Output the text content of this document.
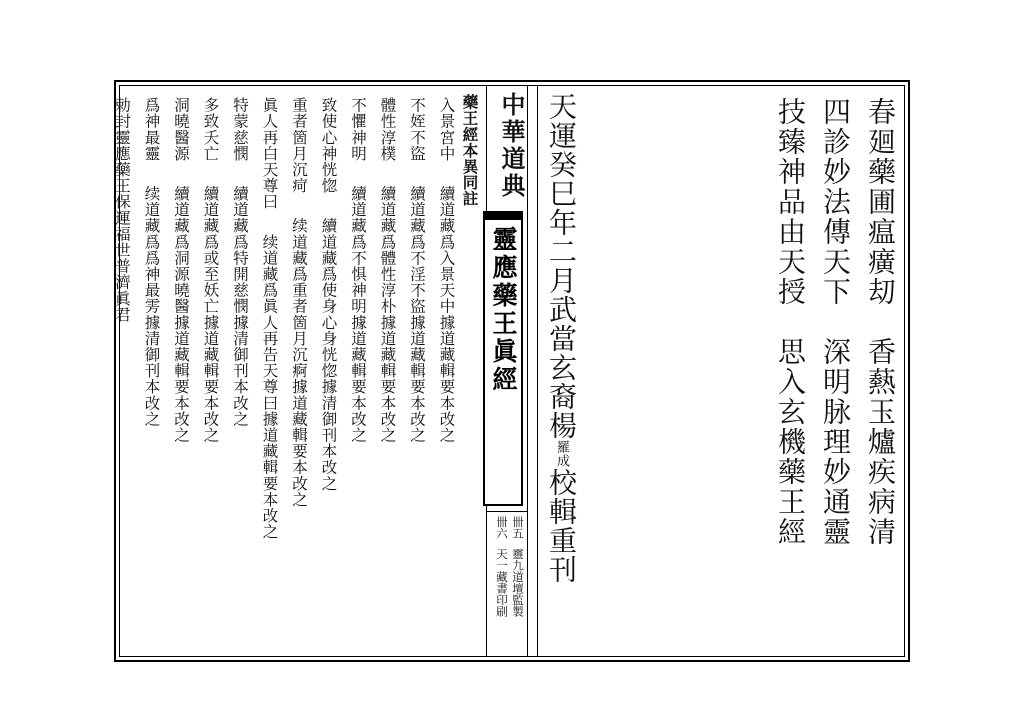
春廻藥圃瘟癀刧　香爇玉爐疾病清
四診妙法傳天下　深明脉理妙通靈
技臻神品由天授　思入玄機藥王經
天運癸巳年二月武當玄裔楊羅成校輯重刊
中華道典
靈應藥王眞經
卌五
卌六
靈九道壇監製
天一藏書印刷
藥王經本異同註
入景宮中續道藏爲入景天中據道藏輯要本改之
不姪不盜續道藏爲不淫不盜據道藏輯要本改之
體性淳樸續道藏爲體性淳朴據道藏輯要本改之
不懼神明續道藏爲不惧神明據道藏輯要本改之
致使心神恍惚續道藏爲使身心身恍惚據清御刊本改之
重者箇月沉疴续道藏爲重者箇月沉痾據道藏輯要本改之
眞人再白天尊曰续道藏爲眞人再告天尊曰據道藏輯要本改之
特蒙慈憫續道藏爲特開慈憫據清御刊本改之
多致夭亡續道藏爲或至妖亡據道藏輯要本改之
洞曉醫源續道藏爲洞源曉醫據道藏輯要本改之
爲神最靈续道藏爲爲神最雱據清御刊本改之
勅封靈應藥王保運福世普濟眞君
